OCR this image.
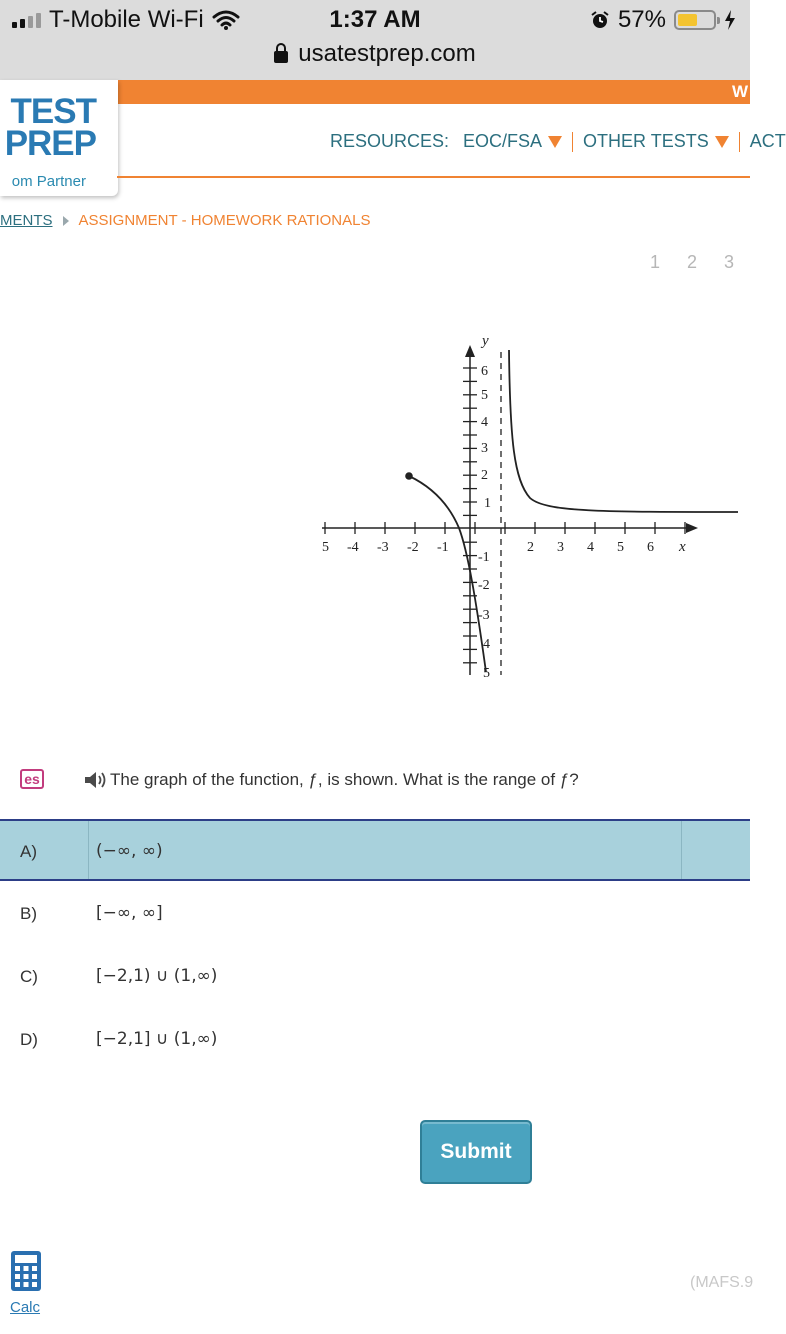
T-Mobile Wi-Fi	1:37 AM	57%
usatestprep.com
W
TEST
PREP
om Partner
RESOURCES: EOC/FSA OTHER TESTS ACT
MENTS ASSIGNMENT - HOMEWORK RATIONALS
1 2 3
5 -4 -3 -2 -1	2 3 4 5 6
6
5
4
3
2
1
-1
-2
-3
4
5
x
y
es	The graph of the function, ƒ, is shown. What is the range of ƒ?
A)	(−∞, ∞)
B)	[−∞, ∞]
C)	[−2,1) ∪ (1,∞)
D)	[−2,1] ∪ (1,∞)
Submit
Calc
(MAFS.9
